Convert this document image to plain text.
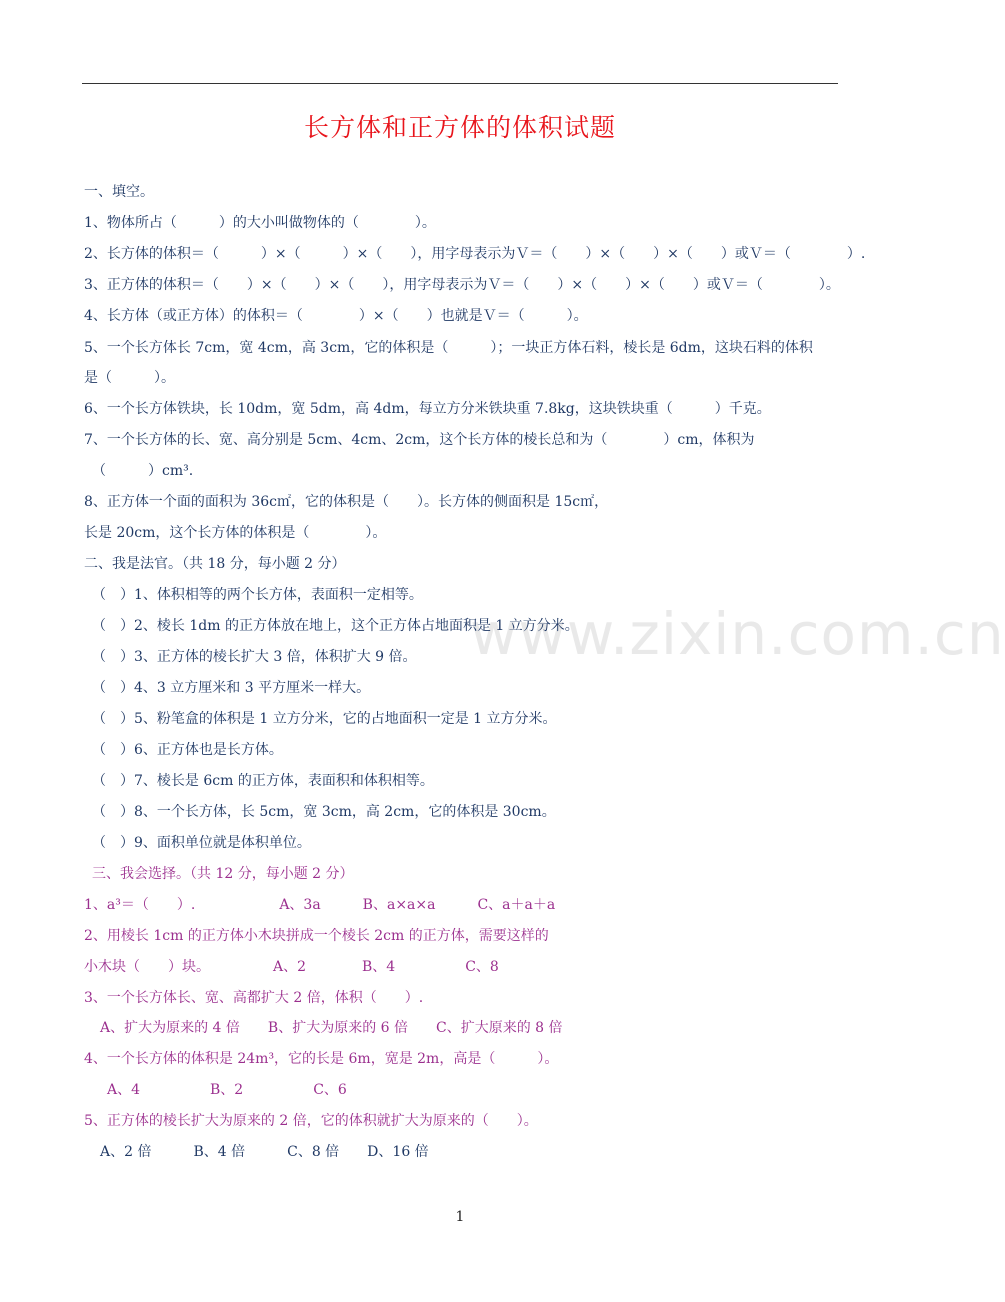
长方体和正方体的体积试题
www.zixin.com.cn
一、填空。
1、物体所占（　　　）的大小叫做物体的（　　　　）。
2、长方体的体积＝（　　　）×（　　　）×（　　），用字母表示为Ｖ＝（　　）×（　　）×（　　）或Ｖ＝（　　　　）.
3、正方体的体积＝（　　）×（　　）×（　　），用字母表示为Ｖ＝（　　）×（　　）×（　　）或Ｖ＝（　　　　）。
4、长方体（或正方体）的体积＝（　　　　）×（　　）也就是Ｖ＝（　　　）。
5、一个长方体长 7cm，宽 4cm，高 3cm，它的体积是（　　　）；一块正方体石料，棱长是 6dm，这块石料的体积
是（　　　）。
6、一个长方体铁块，长 10dm，宽 5dm，高 4dm，每立方分米铁块重 7.8kg，这块铁块重（　　　）千克。
7、一个长方体的长、宽、高分别是 5cm、4cm、2cm，这个长方体的棱长总和为（　　　　）cm，体积为
（　　　）cm³.
8、正方体一个面的面积为 36c㎡，它的体积是（　　）。长方体的侧面积是 15c㎡，
长是 20cm，这个长方体的体积是（　　　　）。
二、我是法官。（共 18 分，每小题 2 分）
（　）1、体积相等的两个长方体，表面积一定相等。
（　）2、棱长 1dm 的正方体放在地上，这个正方体占地面积是 1 立方分米。
（　）3、正方体的棱长扩大 3 倍，体积扩大 9 倍。
（　）4、3 立方厘米和 3 平方厘米一样大。
（　）5、粉笔盒的体积是 1 立方分米，它的占地面积一定是 1 立方分米。
（　）6、正方体也是长方体。
（　）7、棱长是 6cm 的正方体，表面积和体积相等。
（　）8、一个长方体，长 5cm，宽 3cm，高 2cm，它的体积是 30cm。
（　）9、面积单位就是体积单位。
三、我会选择。（共 12 分，每小题 2 分）
1、a³＝（　　）.　　　　　　A、3a　　　B、a×a×a　　　C、a＋a＋a
2、用棱长 1cm 的正方体小木块拼成一个棱长 2cm 的正方体，需要这样的
小木块（　　）块。　　　　　A、2　　　　B、4　　　　　C、8
3、一个长方体长、宽、高都扩大 2 倍，体积（　　）.
A、扩大为原来的 4 倍　　B、扩大为原来的 6 倍　　C、扩大原来的 8 倍
4、一个长方体的体积是 24m³，它的长是 6m，宽是 2m，高是（　　　）。
A、4　　　　　B、2　　　　　C、6
5、正方体的棱长扩大为原来的 2 倍，它的体积就扩大为原来的（　　）。
A、2 倍　　　B、4 倍　　　C、8 倍　　D、16 倍
1
